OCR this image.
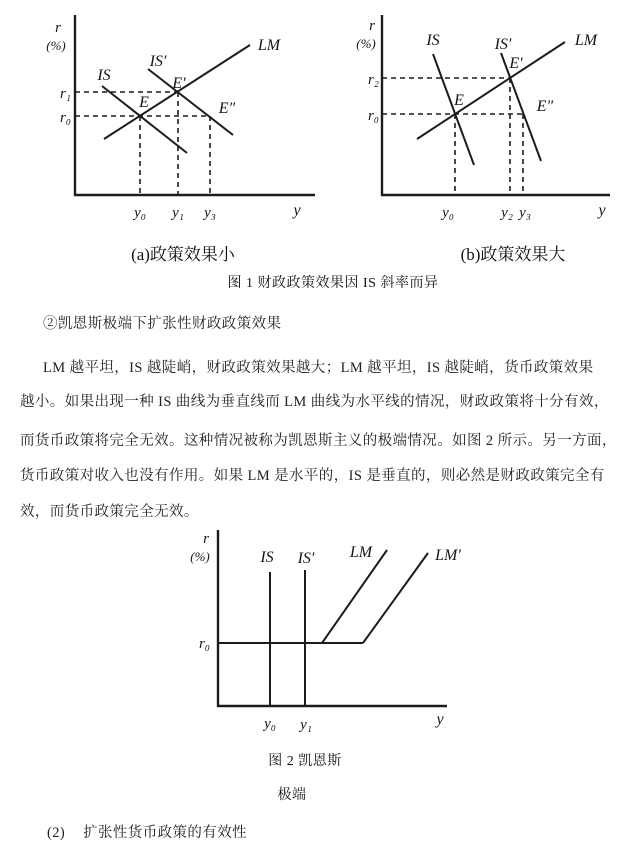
r
(%)
IS
IS′
LM
E
E′
E″
r₁
r₀
y₀ y₁ y₃	y
r
(%)	IS	IS′	LM
E
E′
E″
r₂
r₀
y₀	y₂ y₃	y
(a)政策效果小	(b)政策效果大
图 1 财政政策效果因 IS 斜率而异
②凯恩斯极端下扩张性财政政策效果
LM 越平坦，IS 越陡峭，财政政策效果越大；LM 越平坦，IS 越陡峭，货币政策效果
越小。如果出现一种 IS 曲线为垂直线而 LM 曲线为水平线的情况，财政政策将十分有效，
而货币政策将完全无效。这种情况被称为凯恩斯主义的极端情况。如图 2 所示。另一方面，
货币政策对收入也没有作用。如果 LM 是水平的，IS 是垂直的，则必然是财政政策完全有
效，而货币政策完全无效。
r
(%)	IS IS′ LM	LM′
r₀
y₀ y₁	y
图 2 凯恩斯
极端
(2) 扩张性货币政策的有效性
